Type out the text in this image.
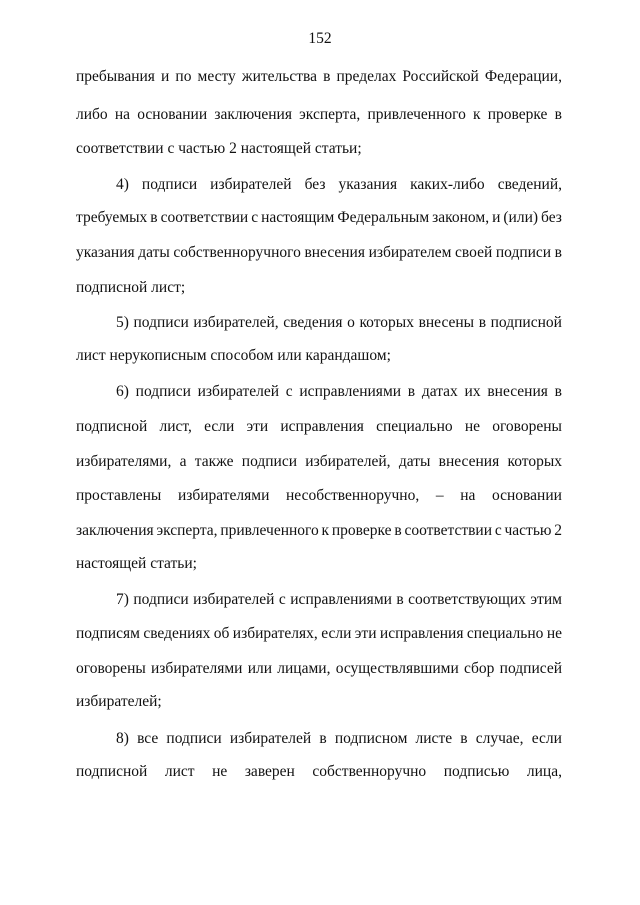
152
пребывания и по месту жительства в пределах Российской Федерации,
либо на основании заключения эксперта, привлеченного к проверке в
соответствии с частью 2 настоящей статьи;
4) подписи избирателей без указания каких-либо сведений,
требуемых в соответствии с настоящим Федеральным законом, и (или) без
указания даты собственноручного внесения избирателем своей подписи в
подписной лист;
5) подписи избирателей, сведения о которых внесены в подписной
лист нерукописным способом или карандашом;
6) подписи избирателей с исправлениями в датах их внесения в
подписной лист, если эти исправления специально не оговорены
избирателями, а также подписи избирателей, даты внесения которых
проставлены избирателями несобственноручно, – на основании
заключения эксперта, привлеченного к проверке в соответствии с частью 2
настоящей статьи;
7) подписи избирателей с исправлениями в соответствующих этим
подписям сведениях об избирателях, если эти исправления специально не
оговорены избирателями или лицами, осуществлявшими сбор подписей
избирателей;
8) все подписи избирателей в подписном листе в случае, если
подписной лист не заверен собственноручно подписью лица,
